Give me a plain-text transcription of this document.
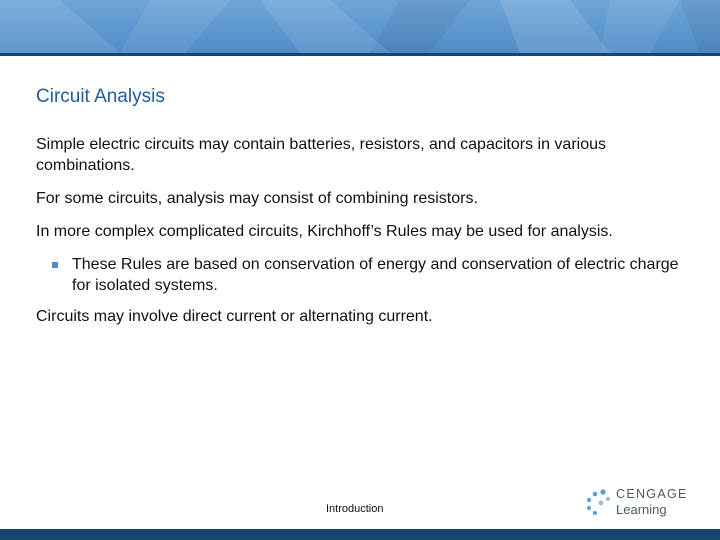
Circuit Analysis

Simple electric circuits may contain batteries, resistors, and capacitors in various combinations.

For some circuits, analysis may consist of combining resistors.

In more complex complicated circuits, Kirchhoff’s Rules may be used for analysis.

These Rules are based on conservation of energy and conservation of electric charge for isolated systems.

Circuits may involve direct current or alternating current.

Introduction
CENGAGE
Learning
